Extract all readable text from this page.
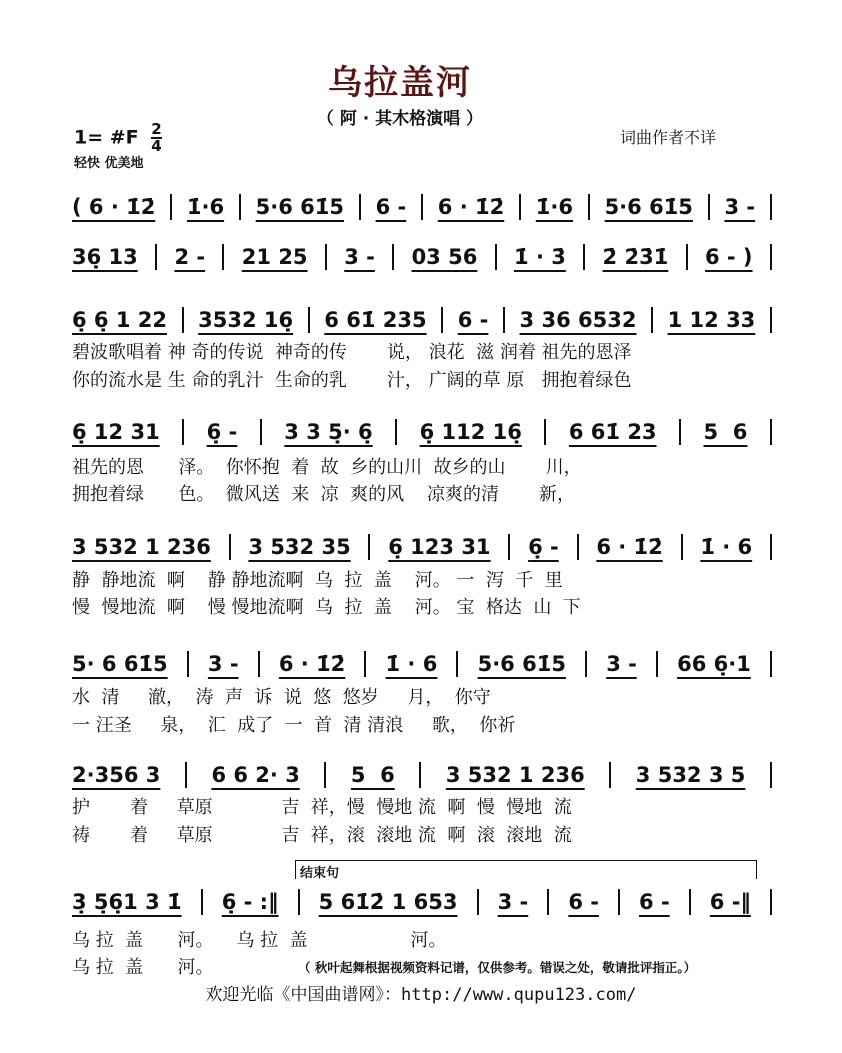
乌拉盖河
（ 阿 · 其木格演唱 ）
1= #F $\frac{2}{4}$
轻快 优美地
词曲作者不详
( 6 · 1̇2̇ 1̇·6 5·6 61̇5 6 - 6 · 1̇2̇ 1̇·6 5·6 61̇5 3 -
36̣ 13 2 - 21 25 3 - 03 56 1̇ · 3̇ 2̇ 2̇3̇1̇ 6 - )
6̣ 6̣ 1 22 3532 16̣ 6 61̇ 235 6 - 3 36 6532 1 12 33
碧波歌唱着 神 奇的传说  神奇的传       说， 浪花  滋 润着 祖先的恩泽
你的流水是 生 命的乳汁  生命的乳       汁， 广阔的草 原   拥抱着绿色
6̣ 12 31 6̣ - 3 3 5̣· 6̣ 6̣ 112 16̣ 6 61̇ 23 5  6
祖先的恩      泽。  你怀抱  着  故  乡的山川  故乡的山       川，
拥抱着绿      色。  微风送  来  凉  爽的风    凉爽的清       新，
3 532 1 236 3 532 35 6̣ 123 31 6̣ - 6 · 1̇2̇ 1̇ · 6
静  静地流  啊    静 静地流啊  乌  拉  盖    河。 一  泻  千  里
慢  慢地流  啊    慢 慢地流啊  乌  拉  盖    河。 宝  格达  山  下
5· 6 61̇5 3 - 6 · 1̇2̇ 1̇ · 6 5·6 61̇5 3 - 66 6̣·1
水  清     澈，  涛  声  诉  说  悠  悠岁     月，  你守
一 汪圣     泉，  汇  成了  一  首  清 清浪     歌，  你祈
2·356 3 6 6 2· 3 5  6 3 532 1 236 3 532 3 5
护       着     草原            吉  祥，慢  慢地 流  啊  慢  慢地  流
祷       着     草原            吉  祥，滚  滚地 流  啊  滚  滚地  流
3̣ 5̣6̣1 3 1̇ 6̣ - :‖ 5 61̇2̇ 1 653 3 - 6 - 6 - 6 -‖
乌 拉  盖      河。    乌 拉  盖                  河。
乌 拉  盖      河。
结束句
（ 秋叶起舞根据视频资料记谱，仅供参考。错误之处，敬请批评指正。）
欢迎光临《中国曲谱网》：http://www.qupu123.com/
